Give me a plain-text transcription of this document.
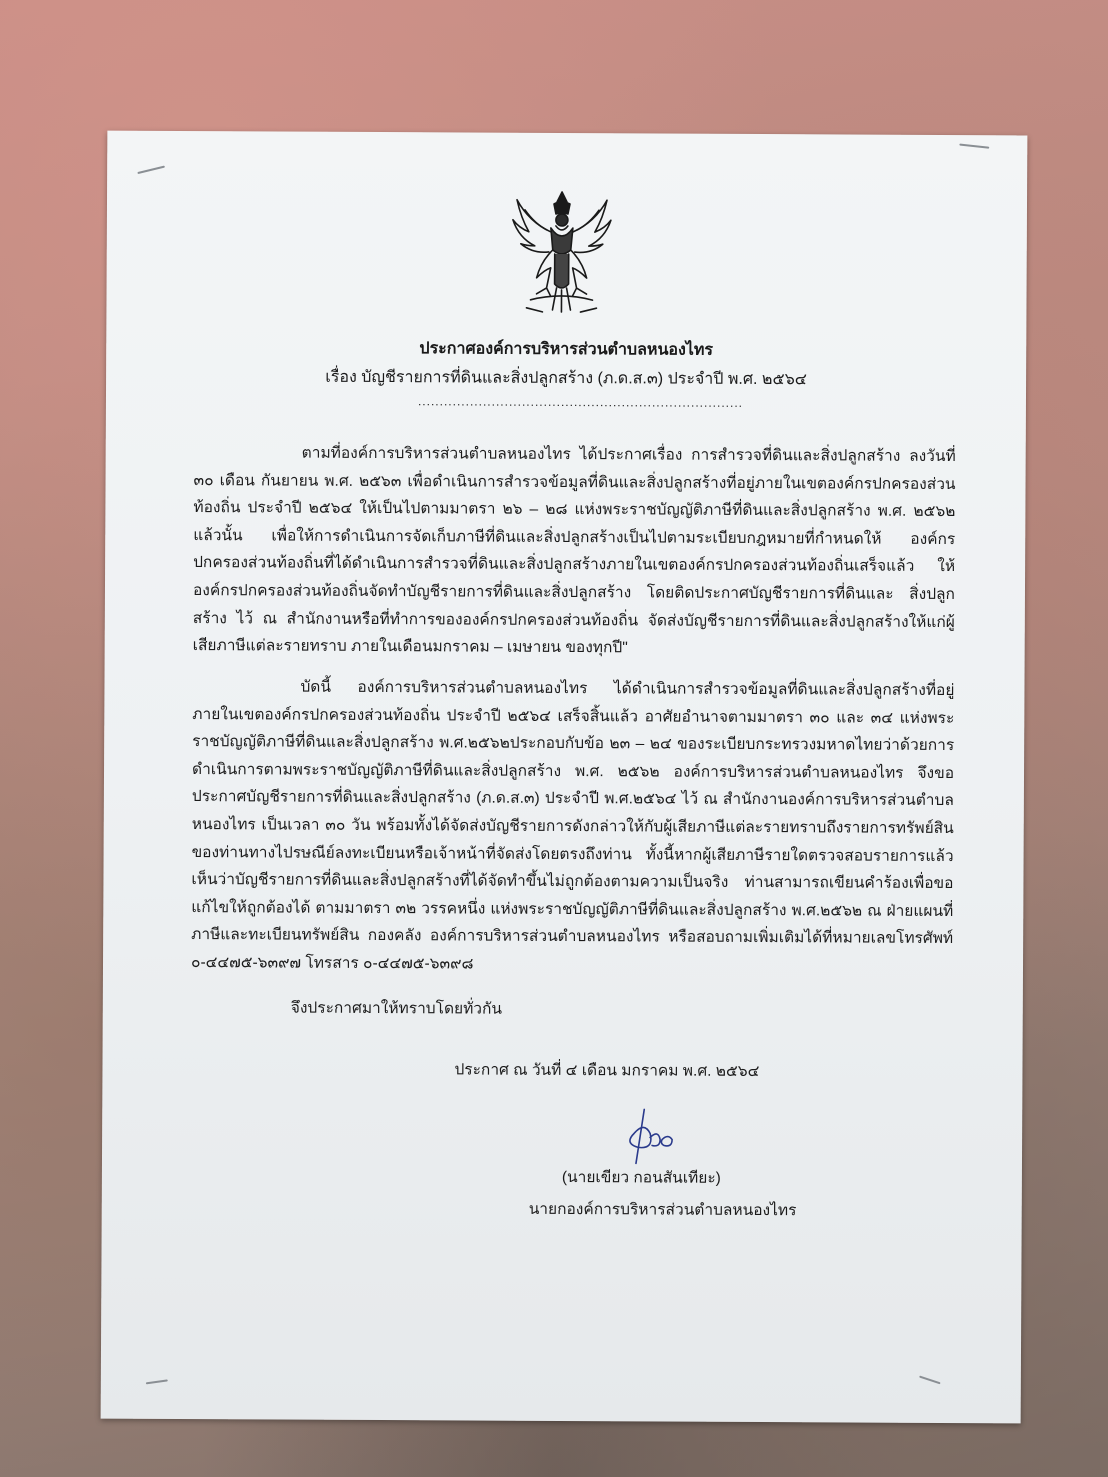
ประกาศองค์การบริหารส่วนตำบลหนองไทร
เรื่อง บัญชีรายการที่ดินและสิ่งปลูกสร้าง (ภ.ด.ส.๓) ประจำปี พ.ศ. ๒๕๖๔
...........................................................................
ตามที่องค์การบริหารส่วนตำบลหนองไทร ได้ประกาศเรื่อง การสำรวจที่ดินและสิ่งปลูกสร้าง ลงวันที่ ๓๐ เดือน กันยายน พ.ศ. ๒๕๖๓ เพื่อดำเนินการสำรวจข้อมูลที่ดินและสิ่งปลูกสร้างที่อยู่ภายในเขตองค์กรปกครองส่วนท้องถิ่น ประจำปี ๒๕๖๔ ให้เป็นไปตามมาตรา ๒๖ – ๒๘ แห่งพระราชบัญญัติภาษีที่ดินและสิ่งปลูกสร้าง พ.ศ. ๒๕๖๒ แล้วนั้น เพื่อให้การดำเนินการจัดเก็บภาษีที่ดินและสิ่งปลูกสร้างเป็นไปตามระเบียบกฎหมายที่กำหนดให้ องค์กรปกครองส่วนท้องถิ่นที่ได้ดำเนินการสำรวจที่ดินและสิ่งปลูกสร้างภายในเขตองค์กรปกครองส่วนท้องถิ่นเสร็จแล้ว ให้องค์กรปกครองส่วนท้องถิ่นจัดทำบัญชีรายการที่ดินและสิ่งปลูกสร้าง โดยติดประกาศบัญชีรายการที่ดินและ สิ่งปลูกสร้าง ไว้ ณ สำนักงานหรือที่ทำการขององค์กรปกครองส่วนท้องถิ่น จัดส่งบัญชีรายการที่ดินและสิ่งปลูกสร้างให้แก่ผู้เสียภาษีแต่ละรายทราบ ภายในเดือนมกราคม – เมษายน ของทุกปี"
บัดนี้ องค์การบริหารส่วนตำบลหนองไทร ได้ดำเนินการสำรวจข้อมูลที่ดินและสิ่งปลูกสร้างที่อยู่ภายในเขตองค์กรปกครองส่วนท้องถิ่น ประจำปี ๒๕๖๔ เสร็จสิ้นแล้ว อาศัยอำนาจตามมาตรา ๓๐ และ ๓๔ แห่งพระราชบัญญัติภาษีที่ดินและสิ่งปลูกสร้าง พ.ศ.๒๕๖๒ประกอบกับข้อ ๒๓ – ๒๔ ของระเบียบกระทรวงมหาดไทยว่าด้วยการดำเนินการตามพระราชบัญญัติภาษีที่ดินและสิ่งปลูกสร้าง พ.ศ. ๒๕๖๒ องค์การบริหารส่วนตำบลหนองไทร จึงขอประกาศบัญชีรายการที่ดินและสิ่งปลูกสร้าง (ภ.ด.ส.๓) ประจำปี พ.ศ.๒๕๖๔ ไว้ ณ สำนักงานองค์การบริหารส่วนตำบลหนองไทร เป็นเวลา ๓๐ วัน พร้อมทั้งได้จัดส่งบัญชีรายการดังกล่าวให้กับผู้เสียภาษีแต่ละรายทราบถึงรายการทรัพย์สินของท่านทางไปรษณีย์ลงทะเบียนหรือเจ้าหน้าที่จัดส่งโดยตรงถึงท่าน ทั้งนี้หากผู้เสียภาษีรายใดตรวจสอบรายการแล้ว เห็นว่าบัญชีรายการที่ดินและสิ่งปลูกสร้างที่ได้จัดทำขึ้นไม่ถูกต้องตามความเป็นจริง ท่านสามารถเขียนคำร้องเพื่อขอแก้ไขให้ถูกต้องได้ ตามมาตรา ๓๒ วรรคหนึ่ง แห่งพระราชบัญญัติภาษีที่ดินและสิ่งปลูกสร้าง พ.ศ.๒๕๖๒ ณ ฝ่ายแผนที่ภาษีและทะเบียนทรัพย์สิน กองคลัง องค์การบริหารส่วนตำบลหนองไทร หรือสอบถามเพิ่มเติมได้ที่หมายเลขโทรศัพท์ ๐-๔๔๗๕-๖๓๙๗ โทรสาร ๐-๔๔๗๕-๖๓๙๘
จึงประกาศมาให้ทราบโดยทั่วกัน
ประกาศ ณ วันที่ ๔ เดือน มกราคม พ.ศ. ๒๕๖๔
(นายเขียว กอนสันเทียะ)
นายกองค์การบริหารส่วนตำบลหนองไทร
